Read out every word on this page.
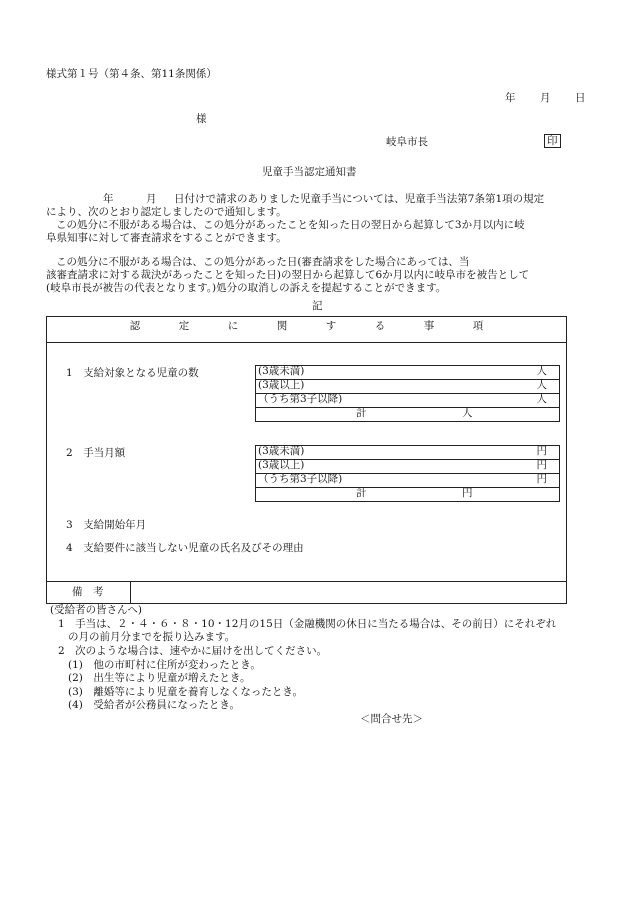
様式第１号（第４条、第11条関係）
年 月 日
様
岐阜市長	印
児童手当認定通知書
年	月 日付けで請求のありました児童手当については、児童手当法第7条第1項の規定
により、次のとおり認定しましたので通知します。
この処分に不服がある場合は、この処分があったことを知った日の翌日から起算して3か月以内に岐
阜県知事に対して審査請求をすることができます。
この処分に不服がある場合は、この処分があった日(審査請求をした場合にあっては、当
該審査請求に対する裁決があったことを知った日)の翌日から起算して6か月以内に岐阜市を被告として
(岐阜市長が被告の代表となります。)処分の取消しの訴えを提起することができます。
記
認	定	に	関	す	る	事	項
1　支給対象となる児童の数	(3歳未満)	人
(3歳以上)	人
（うち第3子以降)	人
計	人
2　手当月額	(3歳未満)	円
(3歳以上)	円
（うち第3子以降)	円
計	円
3　支給開始年月
4　支給要件に該当しない児童の氏名及びその理由
備　考
(受給者の皆さんへ)
1　手当は、２・４・６・８・10・12月の15日（金融機関の休日に当たる場合は、その前日）にそれぞれ
の月の前月分までを振り込みます。
2　次のような場合は、速やかに届けを出してください。
(1)　他の市町村に住所が変わったとき。
(2)　出生等により児童が増えたとき。
(3)　離婚等により児童を養育しなくなったとき。
(4)　受給者が公務員になったとき。
＜問合せ先＞
